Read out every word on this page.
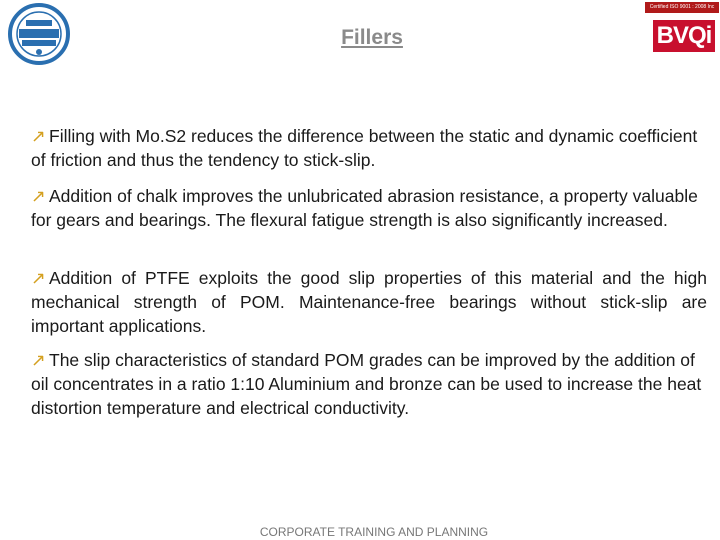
Certified ISO 9001 : 2008 Inc
BVQi
Fillers
↗ Filling with Mo.S2 reduces the difference between the static and dynamic coefficient of friction and thus the tendency to stick-slip.
↗ Addition of chalk improves the unlubricated abrasion resistance, a property valuable for gears and bearings. The flexural fatigue strength is also significantly increased.
↗ Addition of PTFE exploits the good slip properties of this material and the high mechanical strength of POM. Maintenance-free bearings without stick-slip are important applications.
↗ The slip characteristics of standard POM grades can be improved by the addition of oil concentrates in a ratio 1:10 Aluminium and bronze can be used to increase the heat distortion temperature and electrical conductivity.
CORPORATE TRAINING AND PLANNING
